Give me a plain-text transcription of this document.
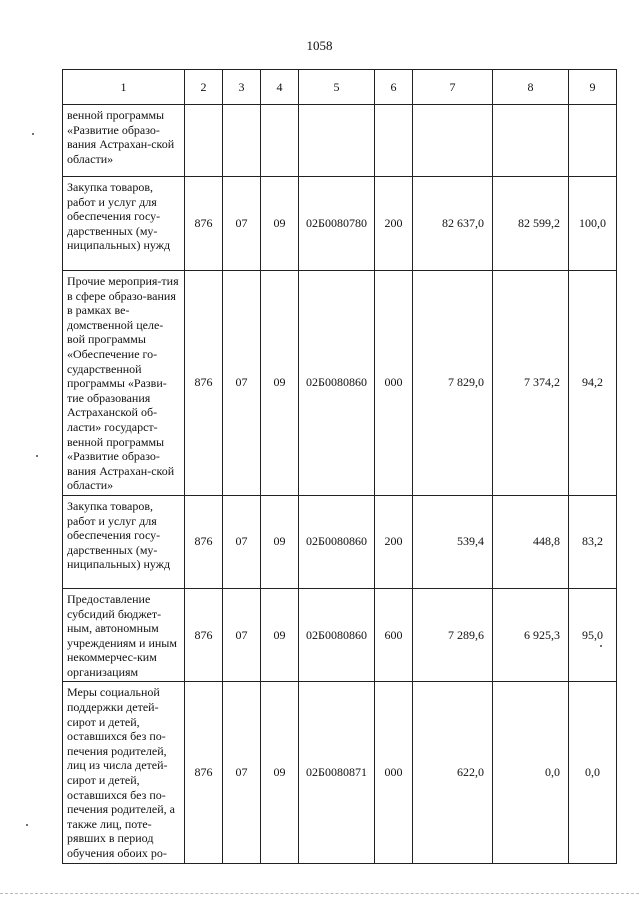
1058
1	2	3	4	5	6	7	8	9
венной программы «Развитие образо-вания Астрахан-ской области»								
Закупка товаров, работ и услуг для обеспечения госу-дарственных (му-ниципальных) нужд	876	07	09	02Б0080780	200	82 637,0	82 599,2	100,0
Прочие мероприя-тия в сфере образо-вания в рамках ве-домственной целе-вой программы «Обеспечение го-сударственной программы «Разви-тие образования Астраханской об-ласти» государст-венной программы «Развитие образо-вания Астрахан-ской области»	876	07	09	02Б0080860	000	7 829,0	7 374,2	94,2
Закупка товаров, работ и услуг для обеспечения госу-дарственных (му-ниципальных) нужд	876	07	09	02Б0080860	200	539,4	448,8	83,2
Предоставление субсидий бюджет-ным, автономным учреждениям и иным некоммерчес-ким организациям	876	07	09	02Б0080860	600	7 289,6	6 925,3	95,0
Меры социальной поддержки детей-сирот и детей, оставшихся без по-печения родителей, лиц из числа детей-сирот и детей, оставшихся без по-печения родителей, а также лиц, поте-рявших в период обучения обоих ро-	876	07	09	02Б0080871	000	622,0	0,0	0,0
